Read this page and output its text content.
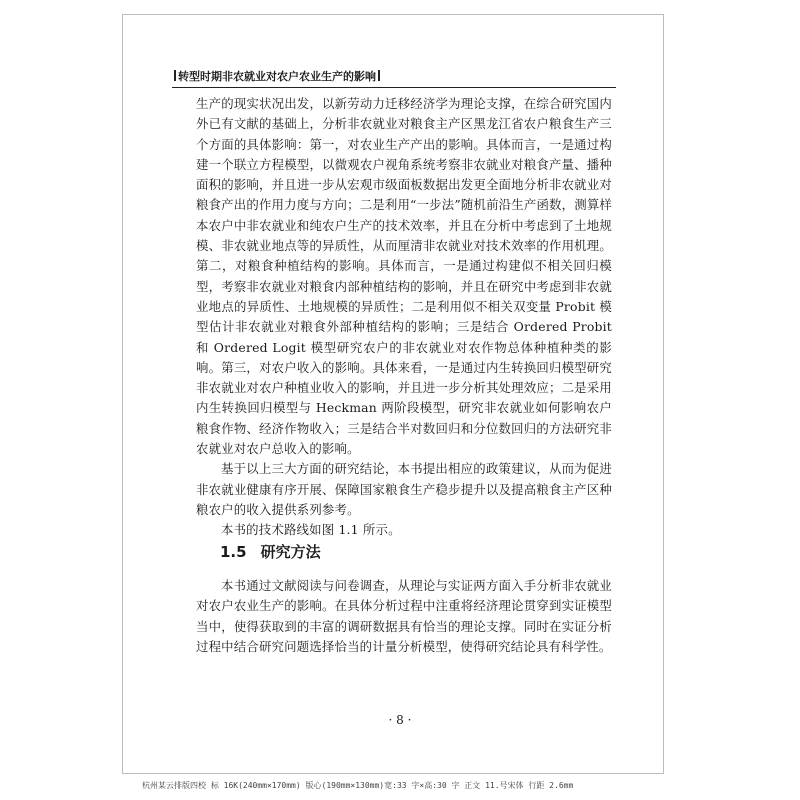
转型时期非农就业对农户农业生产的影响

生产的现实状况出发，以新劳动力迁移经济学为理论支撑，在综合研究国内外已有文献的基础上，分析非农就业对粮食主产区黑龙江省农户粮食生产三个方面的具体影响：第一，对农业生产产出的影响。具体而言，一是通过构建一个联立方程模型，以微观农户视角系统考察非农就业对粮食产量、播种面积的影响，并且进一步从宏观市级面板数据出发更全面地分析非农就业对粮食产出的作用力度与方向；二是利用“一步法”随机前沿生产函数，测算样本农户中非农就业和纯农户生产的技术效率，并且在分析中考虑到了土地规模、非农就业地点等的异质性，从而厘清非农就业对技术效率的作用机理。第二，对粮食种植结构的影响。具体而言，一是通过构建似不相关回归模型，考察非农就业对粮食内部种植结构的影响，并且在研究中考虑到非农就业地点的异质性、土地规模的异质性；二是利用似不相关双变量 Probit 模型估计非农就业对粮食外部种植结构的影响；三是结合 Ordered Probit 和 Ordered Logit 模型研究农户的非农就业对农作物总体种植种类的影响。第三，对农户收入的影响。具体来看，一是通过内生转换回归模型研究非农就业对农户种植业收入的影响，并且进一步分析其处理效应；二是采用内生转换回归模型与 Heckman 两阶段模型，研究非农就业如何影响农户粮食作物、经济作物收入；三是结合半对数回归和分位数回归的方法研究非农就业对农户总收入的影响。

基于以上三大方面的研究结论，本书提出相应的政策建议，从而为促进非农就业健康有序开展、保障国家粮食生产稳步提升以及提高粮食主产区种粮农户的收入提供系列参考。

本书的技术路线如图 1.1 所示。

1.5 研究方法

本书通过文献阅读与问卷调查，从理论与实证两方面入手分析非农就业对农户农业生产的影响。在具体分析过程中注重将经济理论贯穿到实证模型当中，使得获取到的丰富的调研数据具有恰当的理论支撑。同时在实证分析过程中结合研究问题选择恰当的计量分析模型，使得研究结论具有科学性。

· 8 ·
杭州某云排版四校 标 16K(240mm×170mm) 版心(190mm×130mm)宽:33 字×高:30 字 正文 11.号宋体 行距 2.6mm
